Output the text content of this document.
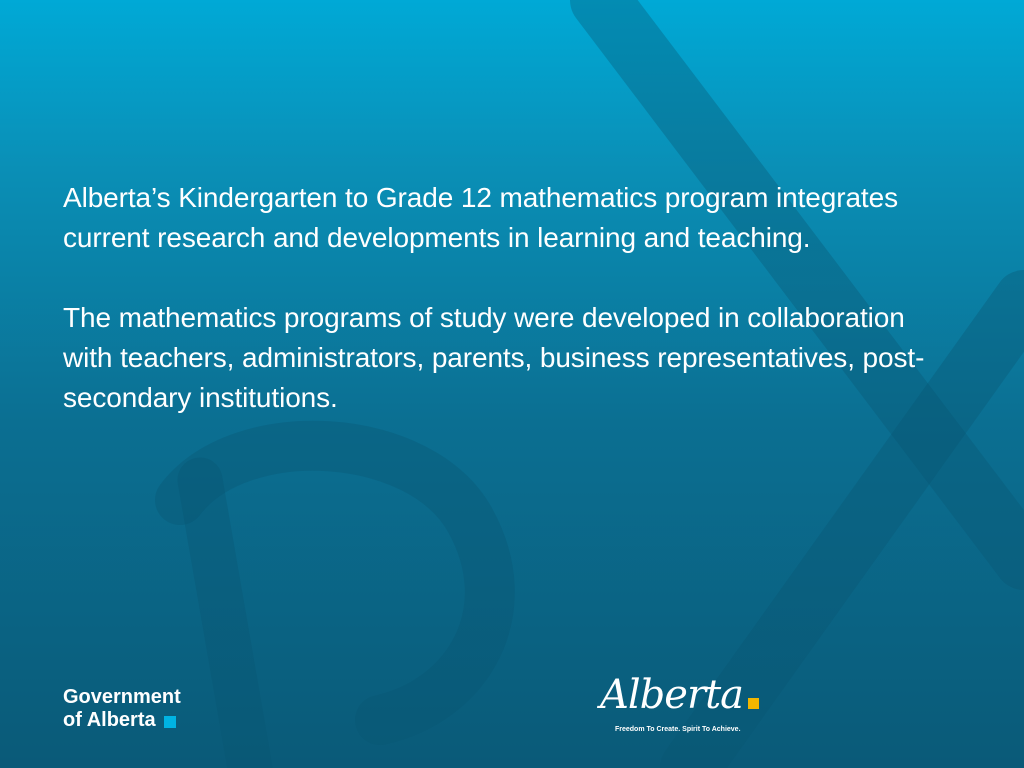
Alberta’s Kindergarten to Grade 12 mathematics program integrates current research and developments in learning and teaching.

The mathematics programs of study were developed in collaboration with teachers, administrators, parents, business representatives, post-secondary institutions.

Government
of Alberta
Alberta
Freedom To Create. Spirit To Achieve.
